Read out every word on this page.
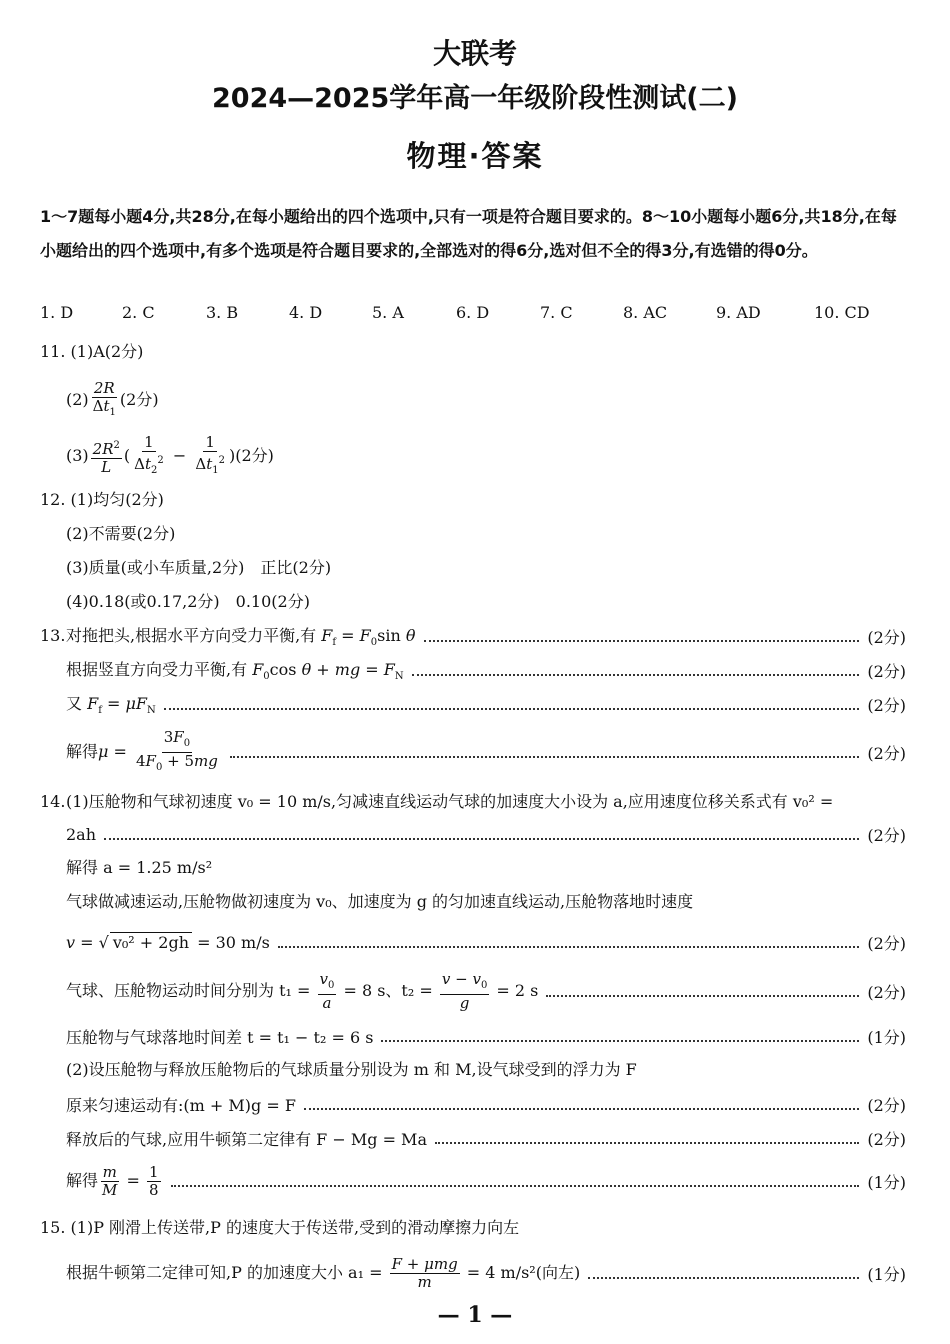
大联考
2024—2025学年高一年级阶段性测试(二)
物理·答案
1～7题每小题4分,共28分,在每小题给出的四个选项中,只有一项是符合题目要求的。8～10小题每小题6分,共18分,在每小题给出的四个选项中,有多个选项是符合题目要求的,全部选对的得6分,选对但不全的得3分,有选错的得0分。
1. D	2. C	3. B	4. D	5. A	6. D	7. C	8. AC	9. AD	10. CD
11. (1)A(2分)
$(2) \frac{2R}{\Delta t_1} (2$分)
$(3) \frac{2R^2}{L}$ ( $\frac{1}{\Delta t_2^2} - \frac{1}{\Delta t_1^2} )(2$分)
12. (1)均匀(2分)
(2)不需要(2分)
(3)质量(或小车质量,2分)　正比(2分)
(4)0.18(或0.17,2分)　0.10(2分)
13. 对拖把头,根据水平方向受力平衡,有 $F_f = F_0\sin$ θ	(2分)
根据竖直方向受力平衡,有 $F_0\cos$ θ + mg = $F_N$	(2分)
又 $F_f = \mu F_N$	(2分)
解得$\mu = \frac{3F_0}{4F_0 + 5mg}$	(2分)
14. (1)压舱物和气球初速度 v₀ = 10 m/s,匀减速直线运动气球的加速度大小设为 a,应用速度位移关系式有 v₀² =
2ah	(2分)
解得 a = 1.25 m/s²
气球做减速运动,压舱物做初速度为 v₀、加速度为 g 的匀加速直线运动,压舱物落地时速度
v = √ v₀² + 2gh = 30 m/s	(2分)
气球、压舱物运动时间分别为 $t_1 = \frac{v_0}{a} = 8$ s、$t_2 = \frac{v - v_0}{g} = 2$ s	(2分)
压舱物与气球落地时间差 t = t₁ − t₂ = 6 s	(1分)
(2)设压舱物与释放压舱物后的气球质量分别设为 m 和 M,设气球受到的浮力为 F
原来匀速运动有:(m + M)g = F	(2分)
释放后的气球,应用牛顿第二定律有 F − Mg = Ma	(2分)
解得 $\frac{m}{M} = \frac{1}{8}$	(1分)
15. (1)P 刚滑上传送带,P 的速度大于传送带,受到的滑动摩擦力向左
根据牛顿第二定律可知,P 的加速度大小 $a_1 = \frac{\text{F + μmg}}{m} = 4$ m/s²(向左)	(1分)
— 1 —
